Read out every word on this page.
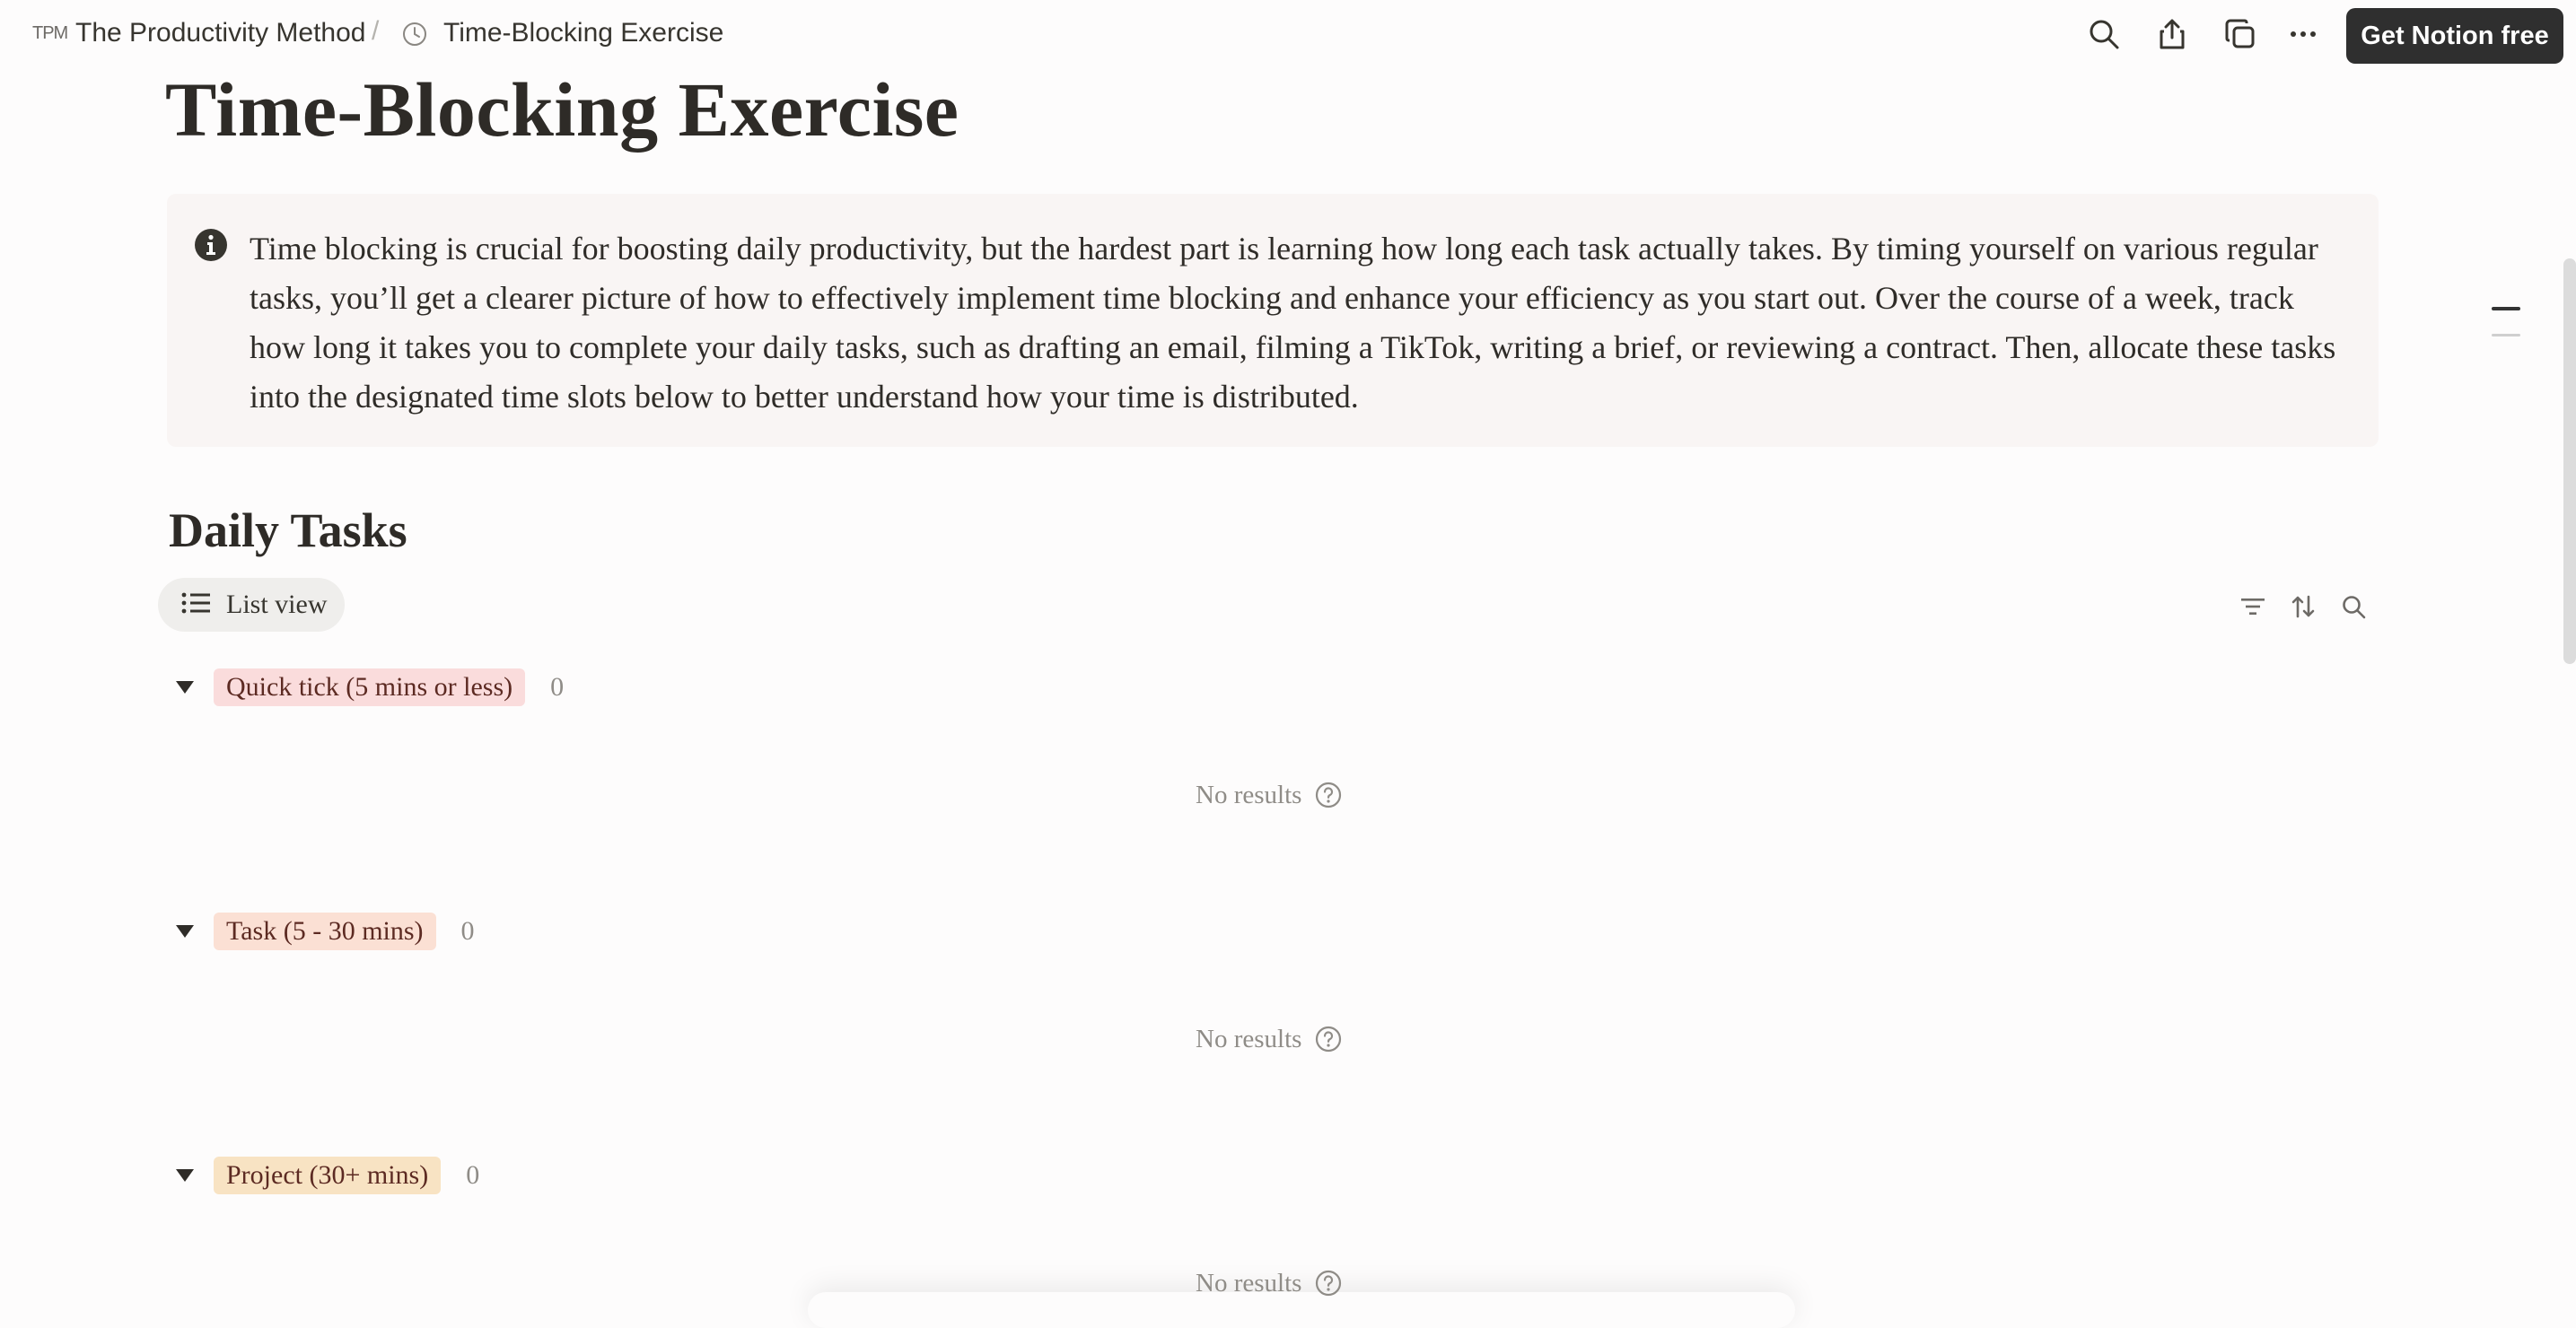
TPM The Productivity Method / Time-Blocking Exercise	Get Notion free
Time-Blocking Exercise
Time blocking is crucial for boosting daily productivity, but the hardest part is learning how long each task actually takes. By timing yourself on various regular tasks, you’ll get a clearer picture of how to effectively implement time blocking and enhance your efficiency as you start out. Over the course of a week, track how long it takes you to complete your daily tasks, such as drafting an email, filming a TikTok, writing a brief, or reviewing a contract. Then, allocate these tasks into the designated time slots below to better understand how your time is distributed.
Daily Tasks
List view
Quick tick (5 mins or less)	0
No results
Task (5 - 30 mins)	0
No results
Project (30+ mins)	0
No results
